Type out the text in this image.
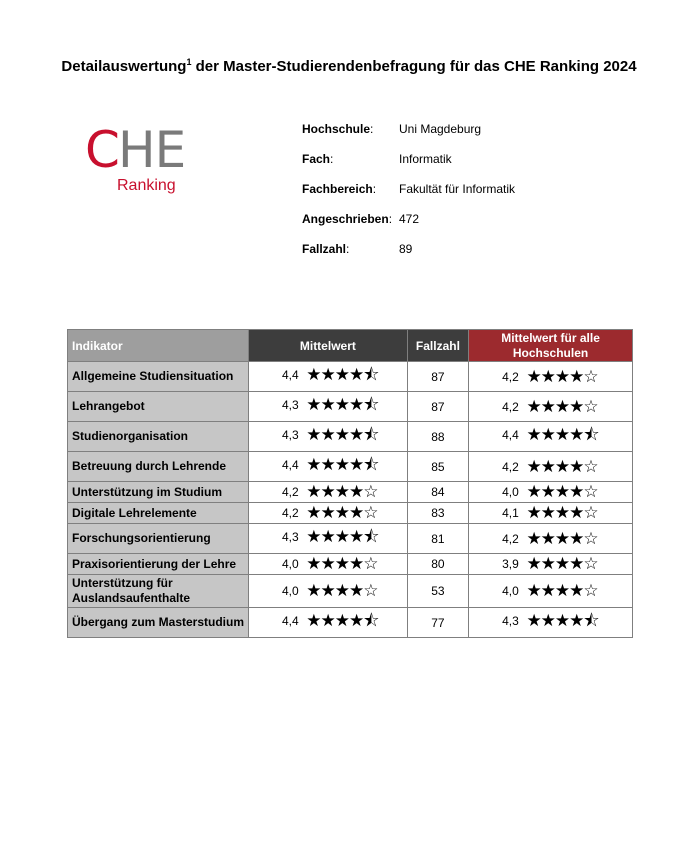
Detailauswertung$^1$ der Master-Studierendenbefragung für das CHE Ranking 2024
C
HE
Ranking
Hochschule:	Uni Magdeburg
Fach:	Informatik
Fachbereich:	Fakultät für Informatik
Angeschrieben: 472
Fallzahl:	89
Indikator	Mittelwert	Fallzahl	Mittelwert für alle Hochschulen
Allgemeine Studiensituation	4,4 ★★★★⯪	87	4,2 ★★★★☆
Lehrangebot	4,3 ★★★★⯪	87	4,2 ★★★★☆
Studienorganisation	4,3 ★★★★⯪	88	4,4 ★★★★⯪
Betreuung durch Lehrende	4,4 ★★★★⯪	85	4,2 ★★★★☆
Unterstützung im Studium	4,2 ★★★★☆	84	4,0 ★★★★☆
Digitale Lehrelemente	4,2 ★★★★☆	83	4,1 ★★★★☆
Forschungsorientierung	4,3 ★★★★⯪	81	4,2 ★★★★☆
Praxisorientierung der Lehre	4,0 ★★★★☆	80	3,9 ★★★★☆
Unterstützung für Auslandsaufenthalte	4,0 ★★★★☆	53	4,0 ★★★★☆
Übergang zum Masterstudium	4,4 ★★★★⯪	77	4,3 ★★★★⯪
